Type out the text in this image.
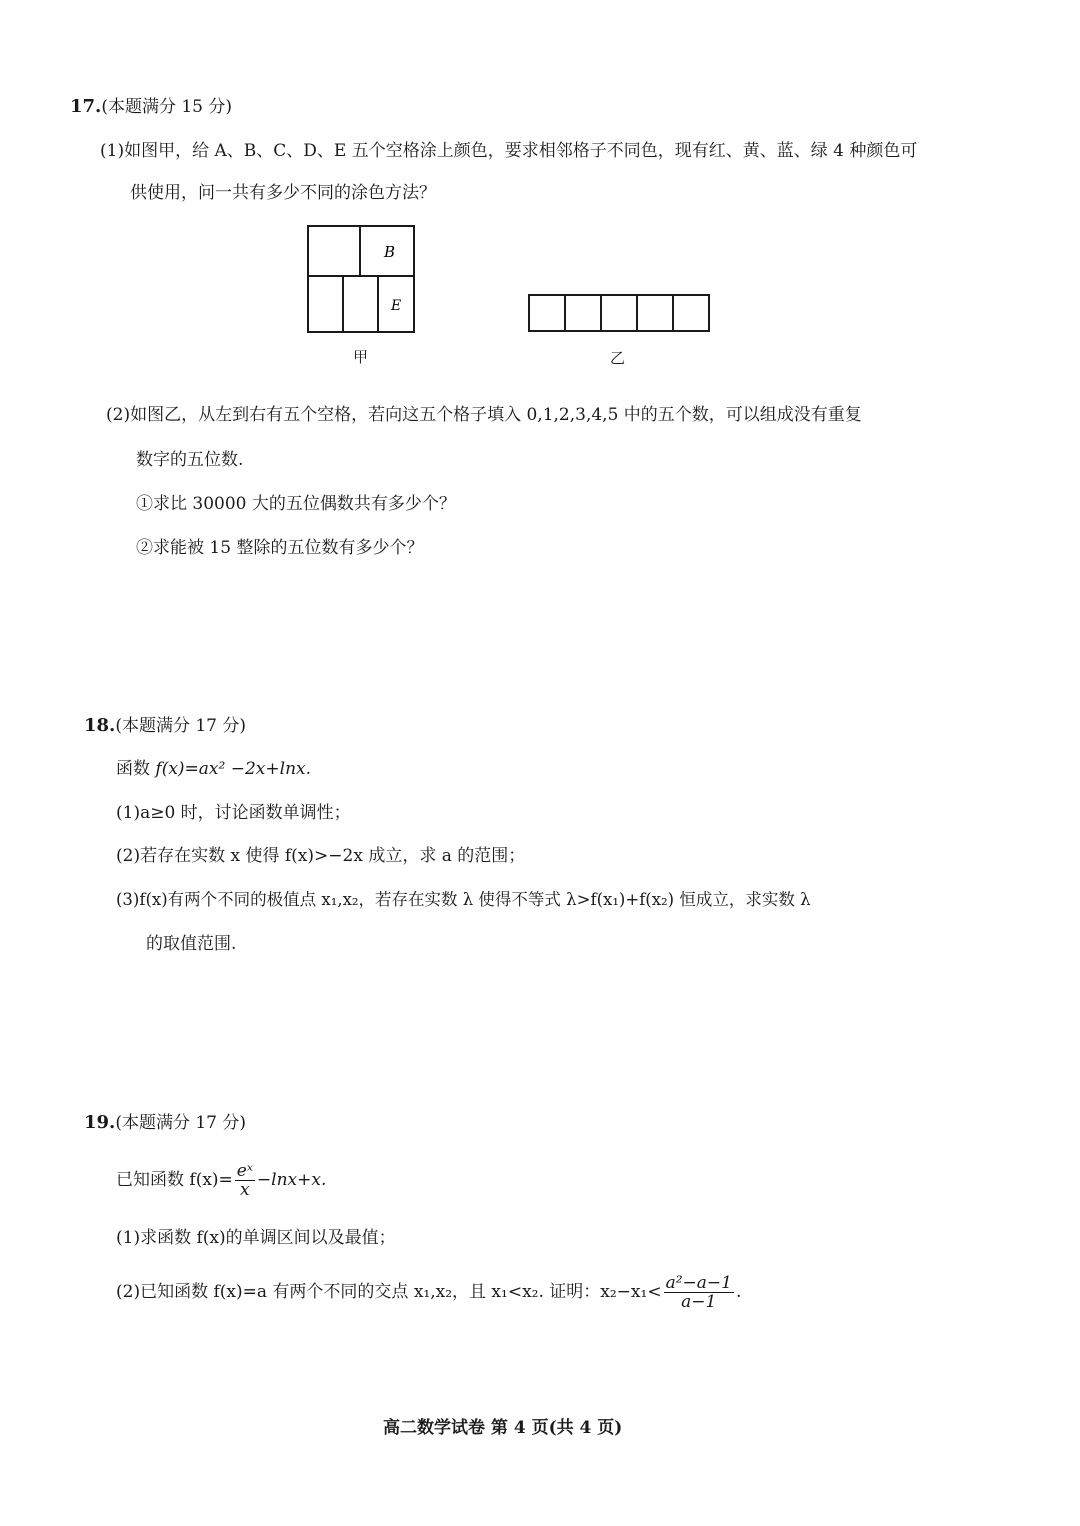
17.(本题满分 15 分)
(1)如图甲，给 A、B、C、D、E 五个空格涂上颜色，要求相邻格子不同色，现有红、黄、蓝、绿 4 种颜色可
供使用，问一共有多少不同的涂色方法？
B
E
甲	乙
(2)如图乙，从左到右有五个空格，若向这五个格子填入 0,1,2,3,4,5 中的五个数，可以组成没有重复
数字的五位数.
①求比 30000 大的五位偶数共有多少个？
②求能被 15 整除的五位数有多少个？
18.(本题满分 17 分)
函数 f(x)=ax² −2x+lnx.
(1)a≥0 时，讨论函数单调性；
(2)若存在实数 x 使得 f(x)>−2x 成立，求 a 的范围；
(3)f(x)有两个不同的极值点 x₁,x₂，若存在实数 λ 使得不等式 λ>f(x₁)+f(x₂) 恒成立，求实数 λ
的取值范围.
19.(本题满分 17 分)
已知函数 $f(x)= \frac{\text{eˣ}}{x} -\ln x+x$.
(1)求函数 f(x)的单调区间以及最值；
(2)已知函数 f(x)=a 有两个不同的交点 x₁,x₂，且 x₁<x₂. 证明：$x_2-x_1< \frac{\text{a²−a−1}}{a-1}$ .
高二数学试卷 第 4 页(共 4 页)
